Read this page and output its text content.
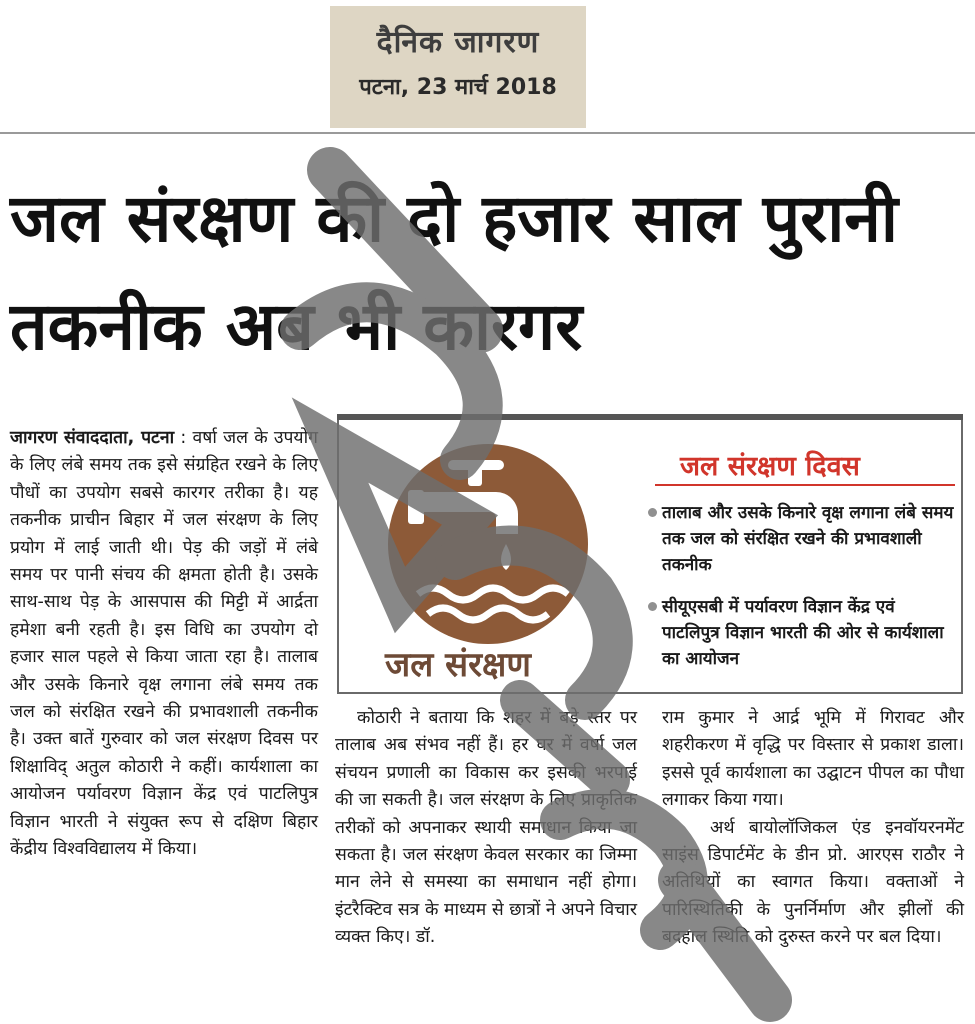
दैनिक जागरण
पटना, 23 मार्च 2018
जल संरक्षण की दो हजार साल पुरानी तकनीक अब भी कारगर
जागरण संवाददाता, पटना : वर्षा जल के उपयोग के लिए लंबे समय तक इसे संग्रहित रखने के लिए पौधों का उपयोग सबसे कारगर तरीका है। यह तकनीक प्राचीन बिहार में जल संरक्षण के लिए प्रयोग में लाई जाती थी। पेड़ की जड़ों में लंबे समय पर पानी संचय की क्षमता होती है। उसके साथ-साथ पेड़ के आसपास की मिट्टी में आर्द्रता हमेशा बनी रहती है। इस विधि का उपयोग दो हजार साल पहले से किया जाता रहा है। तालाब और उसके किनारे वृक्ष लगाना लंबे समय तक जल को संरक्षित रखने की प्रभावशाली तकनीक है। उक्त बातें गुरुवार को जल संरक्षण दिवस पर शिक्षाविद् अतुल कोठारी ने कहीं। कार्यशाला का आयोजन पर्यावरण विज्ञान केंद्र एवं पाटलिपुत्र विज्ञान भारती ने संयुक्त रूप से दक्षिण बिहार केंद्रीय विश्वविद्यालय में किया।
कोठारी ने बताया कि शहर में बड़े स्तर पर तालाब अब संभव नहीं हैं। हर घर में वर्षा जल संचयन प्रणाली का विकास कर इसकी भरपाई की जा सकती है। जल संरक्षण के लिए प्राकृतिक तरीकों को अपनाकर स्थायी समाधान किया जा सकता है। जल संरक्षण केवल सरकार का जिम्मा मान लेने से समस्या का समाधान नहीं होगा। इंटरैक्टिव सत्र के माध्यम से छात्रों ने अपने विचार व्यक्त किए। डॉ.
राम कुमार ने आर्द्र भूमि में गिरावट और शहरीकरण में वृद्धि पर विस्तार से प्रकाश डाला। इससे पूर्व कार्यशाला का उद्घाटन पीपल का पौधा लगाकर किया गया।
अर्थ बायोलॉजिकल एंड इनवॉयरनमेंट साइंस डिपार्टमेंट के डीन प्रो. आरएस राठौर ने अतिथियों का स्वागत किया। वक्ताओं ने पारिस्थितिकी के पुनर्निर्माण और झीलों की बदहाल स्थिति को दुरुस्त करने पर बल दिया।
जल संरक्षण
जल संरक्षण दिवस
तालाब और उसके किनारे वृक्ष लगाना लंबे समय तक जल को संरक्षित रखने की प्रभावशाली तकनीक
सीयूएसबी में पर्यावरण विज्ञान केंद्र एवं पाटलिपुत्र विज्ञान भारती की ओर से कार्यशाला का आयोजन
